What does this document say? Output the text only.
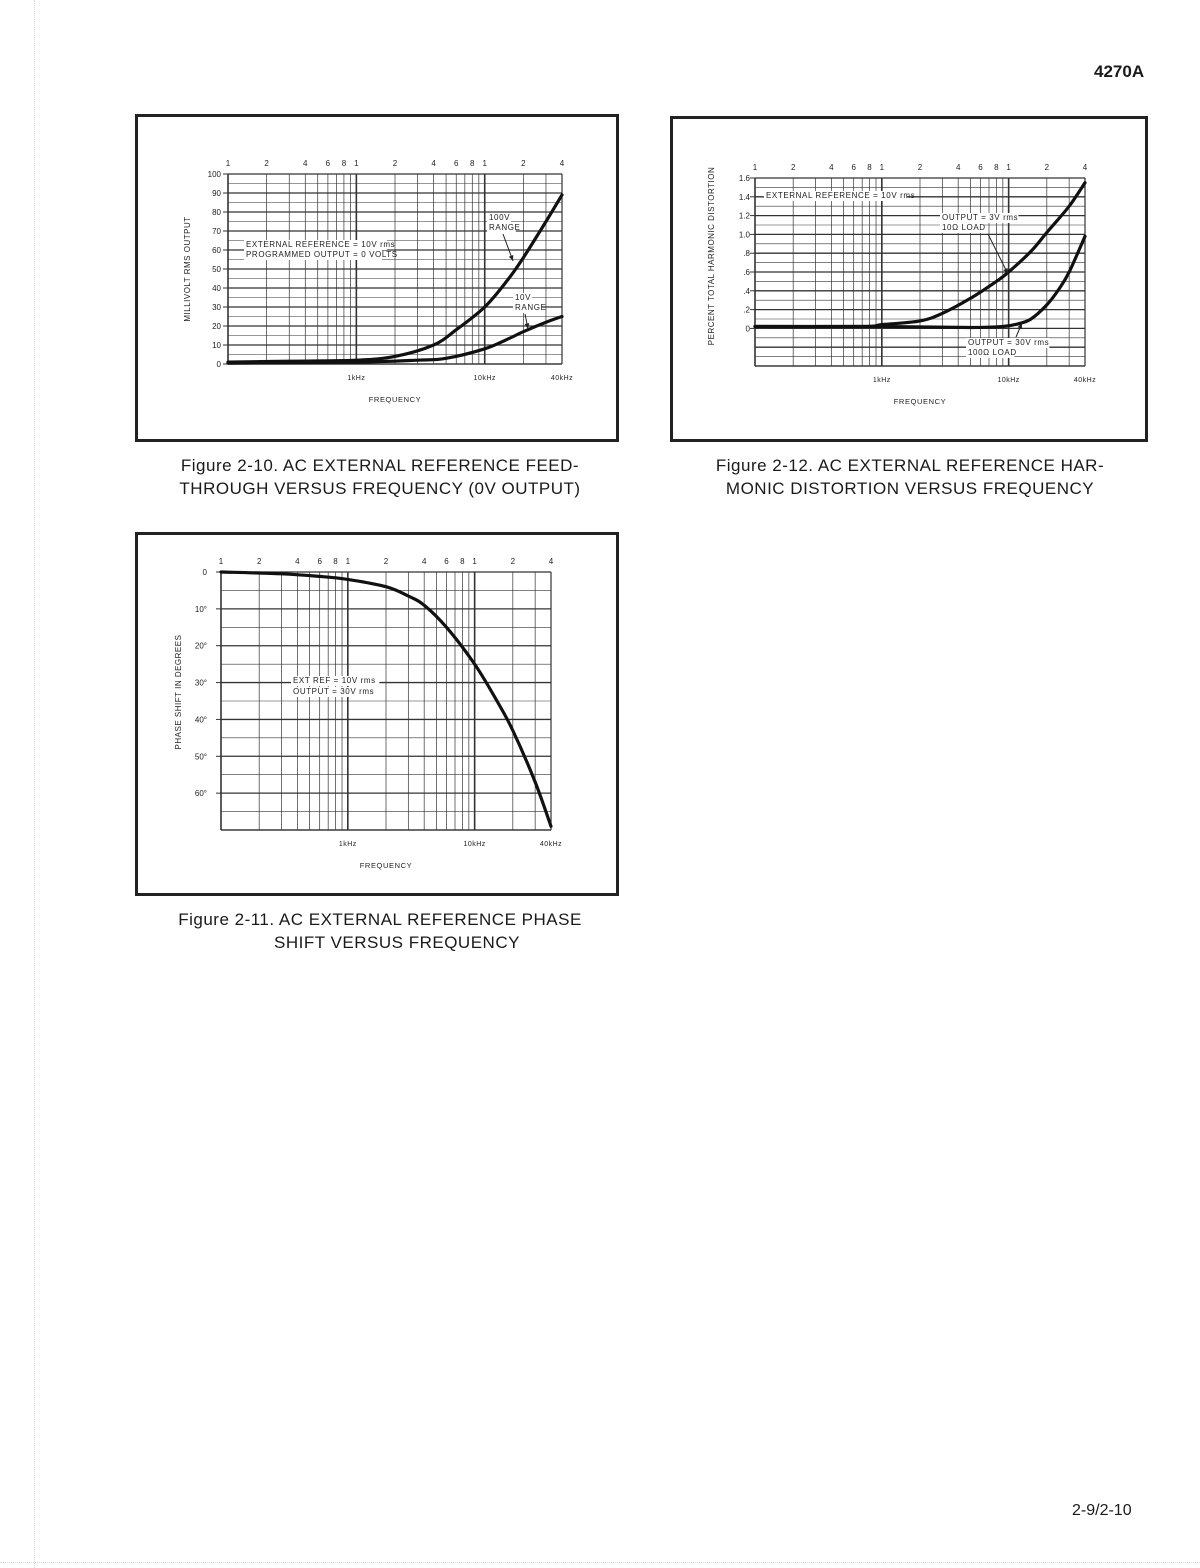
4270A
100
90
80
70
60
50
40
30
20
10
0
1	2	4 6 8 1	2	4 6 8 1	2	4
1kHz	10kHz	40kHz
FREQUENCY
MILLIVOLT RMS OUTPUT	EXTERNAL REFERENCE = 10V rms
PROGRAMMED OUTPUT = 0 VOLTS
100V
RANGE
10V
RANGE
Figure 2-10. AC EXTERNAL REFERENCE FEED-
THROUGH VERSUS FREQUENCY (0V OUTPUT)
1.6
1.4
1.2
1.0
.8
.6
.4
.2
0
1	2	4 6 8 1	2	4 6 8 1	2	4
1kHz	10kHz	40kHz
FREQUENCY
PERCENT TOTAL HARMONIC DISTORTION	EXTERNAL REFERENCE = 10V rms
OUTPUT = 3V rms
10Ω LOAD
OUTPUT = 30V rms
100Ω LOAD
Figure 2-12. AC EXTERNAL REFERENCE HAR-
MONIC DISTORTION VERSUS FREQUENCY
0
10°
20°
30°
40°
50°
60°
1	2	4 6 8 1	2	4 6 8 1	2	4
1kHz	10kHz	40kHz
FREQUENCY
PHASE SHIFT IN DEGREES	EXT REF = 10V rms
OUTPUT = 30V rms
Figure 2-11. AC EXTERNAL REFERENCE PHASE
SHIFT VERSUS FREQUENCY
2-9/2-10
